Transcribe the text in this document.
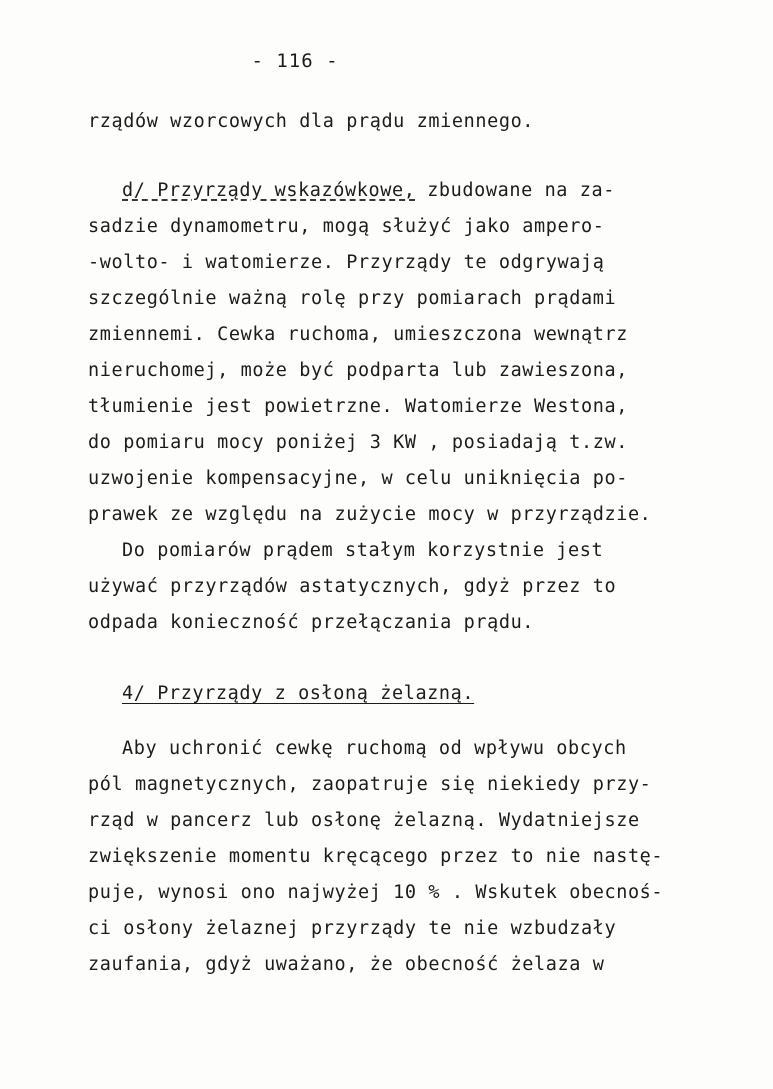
- 116 -
rządów wzorcowych dla prądu zmiennego.
d/ Przyrządy wskazówkowe, zbudowane na za-
sadzie dynamometru, mogą służyć jako ampero-
-wolto- i watomierze. Przyrządy te odgrywają
szczególnie ważną rolę przy pomiarach prądami
zmiennemi. Cewka ruchoma, umieszczona wewnątrz
nieruchomej, może być podparta lub zawieszona,
tłumienie jest powietrzne. Watomierze Westona,
do pomiaru mocy poniżej 3 KW , posiadają t.zw.
uzwojenie kompensacyjne, w celu uniknięcia po-
prawek ze względu na zużycie mocy w przyrządzie.
Do pomiarów prądem stałym korzystnie jest
używać przyrządów astatycznych, gdyż przez to
odpada konieczność przełączania prądu.
4/ Przyrządy z osłoną żelazną.
Aby uchronić cewkę ruchomą od wpływu obcych
pól magnetycznych, zaopatruje się niekiedy przy-
rząd w pancerz lub osłonę żelazną. Wydatniejsze
zwiększenie momentu kręcącego przez to nie nastę-
puje, wynosi ono najwyżej 10 % . Wskutek obecnoś-
ci osłony żelaznej przyrządy te nie wzbudzały
zaufania, gdyż uważano, że obecność żelaza w
